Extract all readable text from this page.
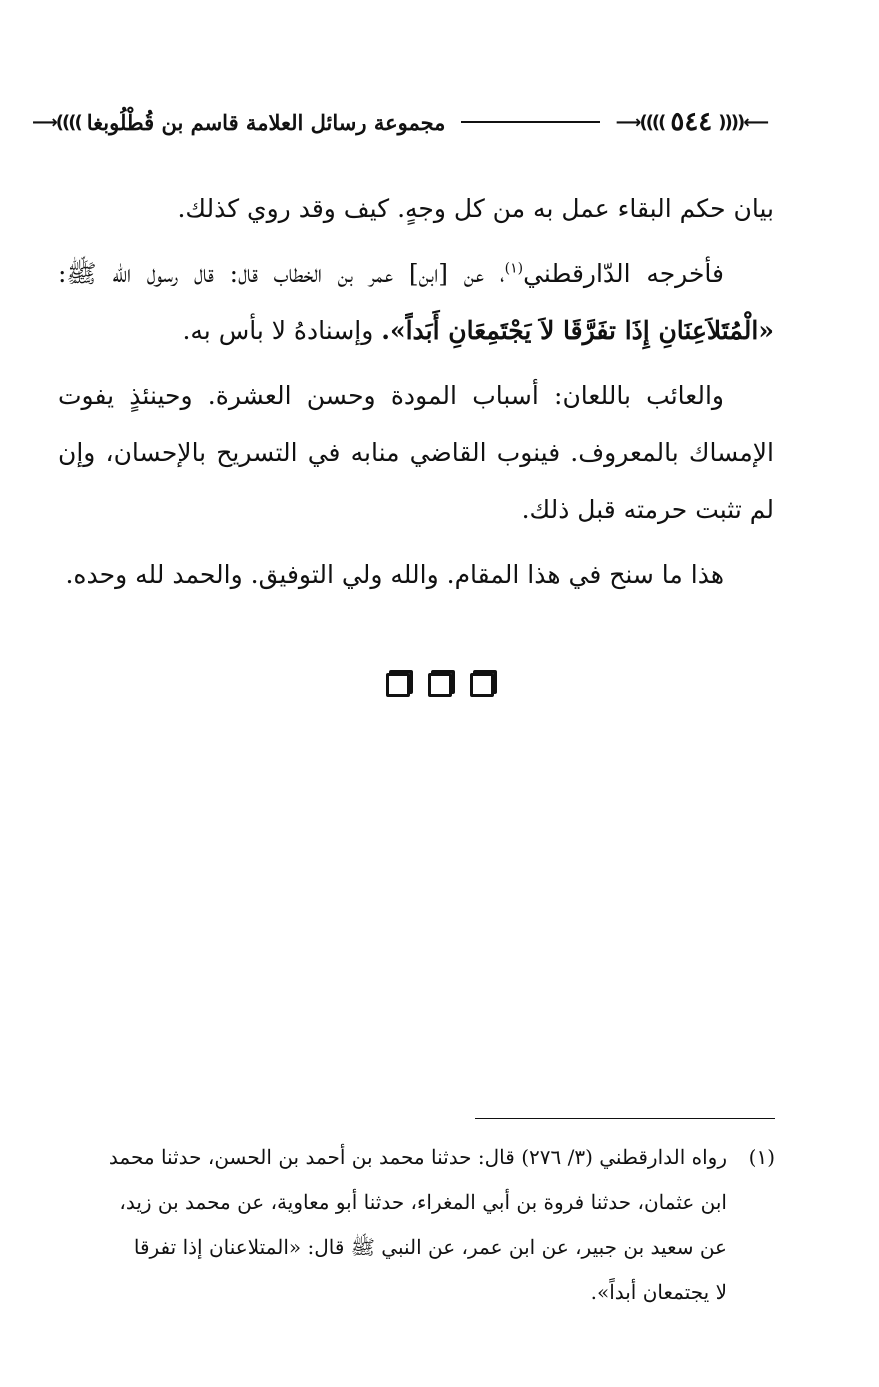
⟵((((
٥٤٤
))))⟶
مجموعة رسائل العلامة قاسم بن قُطْلُوبغا
))))⟶

بيان حكم البقاء عمل به من كل وجهٍ. كيف وقد روي كذلك.

فأخرجه الدّارقطني$^{(١)}$، عن [ابن] عمر بن الخطاب قال: قال رسول الله ﷺ: «الْمُتَلاَعِنَانِ إِذَا تفَرَّقَا لاَ يَجْتَمِعَانِ أَبَداً». وإسنادهُ لا بأس به.

والعائب باللعان: أسباب المودة وحسن العشرة. وحينئذٍ يفوت الإمساك بالمعروف. فينوب القاضي منابه في التسريح بالإحسان، وإن لم تثبت حرمته قبل ذلك.

هذا ما سنح في هذا المقام. والله ولي التوفيق. والحمد لله وحده.

(١)رواه الدارقطني (٣/ ٢٧٦) قال: حدثنا محمد بن أحمد بن الحسن، حدثنا محمد
ابن عثمان، حدثنا فروة بن أبي المغراء، حدثنا أبو معاوية، عن محمد بن زيد،
عن سعيد بن جبير، عن ابن عمر، عن النبي ﷺ قال: «المتلاعنان إذا تفرقا
لا يجتمعان أبداً».
